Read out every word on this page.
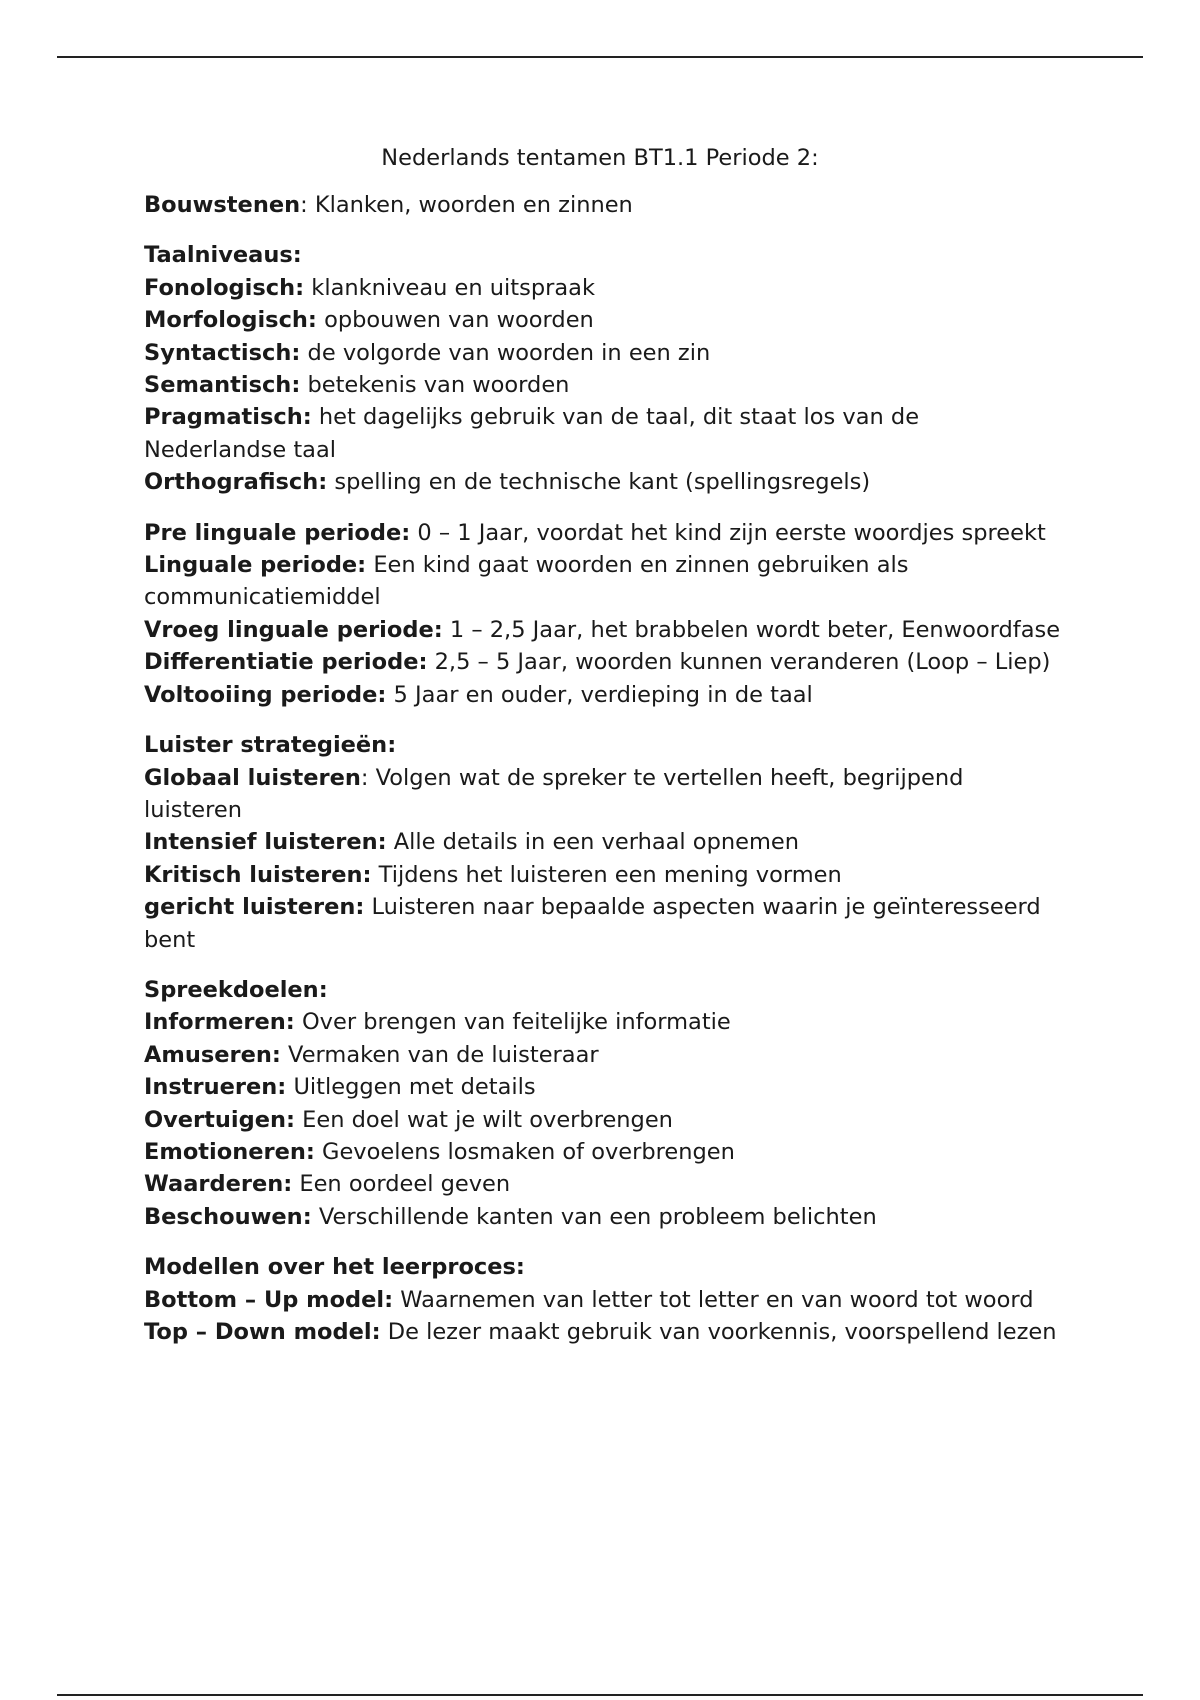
Nederlands tentamen BT1.1 Periode 2:

Bouwstenen: Klanken, woorden en zinnen

Taalniveaus:

Fonologisch: klankniveau en uitspraak

Morfologisch: opbouwen van woorden

Syntactisch: de volgorde van woorden in een zin

Semantisch: betekenis van woorden

Pragmatisch: het dagelijks gebruik van de taal, dit staat los van de Nederlandse taal

Orthografisch: spelling en de technische kant (spellingsregels)

Pre linguale periode: 0 – 1 Jaar, voordat het kind zijn eerste woordjes spreekt

Linguale periode: Een kind gaat woorden en zinnen gebruiken als communicatiemiddel

Vroeg linguale periode: 1 – 2,5 Jaar, het brabbelen wordt beter, Eenwoordfase

Differentiatie periode: 2,5 – 5 Jaar, woorden kunnen veranderen (Loop – Liep)

Voltooiing periode: 5 Jaar en ouder, verdieping in de taal

Luister strategieën:

Globaal luisteren: Volgen wat de spreker te vertellen heeft, begrijpend luisteren

Intensief luisteren: Alle details in een verhaal opnemen

Kritisch luisteren: Tijdens het luisteren een mening vormen

gericht luisteren: Luisteren naar bepaalde aspecten waarin je geïnteresseerd bent

Spreekdoelen:

Informeren: Over brengen van feitelijke informatie

Amuseren: Vermaken van de luisteraar

Instrueren: Uitleggen met details

Overtuigen: Een doel wat je wilt overbrengen

Emotioneren: Gevoelens losmaken of overbrengen

Waarderen: Een oordeel geven

Beschouwen: Verschillende kanten van een probleem belichten

Modellen over het leerproces:

Bottom – Up model: Waarnemen van letter tot letter en van woord tot woord

Top – Down model: De lezer maakt gebruik van voorkennis, voorspellend lezen
